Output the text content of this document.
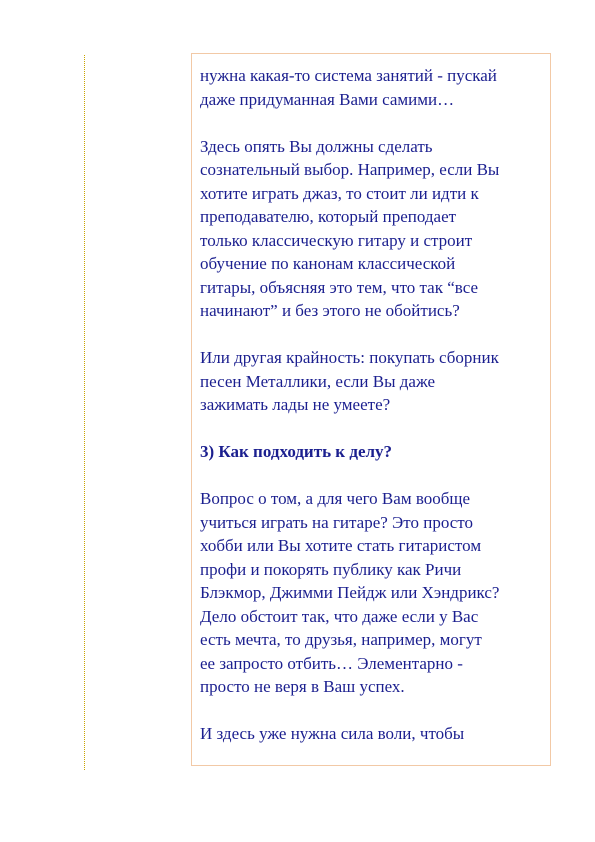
нужна какая-то система занятий - пускай
даже придуманная Вами самими…

Здесь опять Вы должны сделать
сознательный выбор. Например, если Вы
хотите играть джаз, то стоит ли идти к
преподавателю, который преподает
только классическую гитару и строит
обучение по канонам классической
гитары, объясняя это тем, что так “все
начинают” и без этого не обойтись?

Или другая крайность: покупать сборник
песен Металлики, если Вы даже
зажимать лады не умеете?

3) Как подходить к делу?

Вопрос о том, а для чего Вам вообще
учиться играть на гитаре? Это просто
хобби или Вы хотите стать гитаристом
профи и покорять публику как Ричи
Блэкмор, Джимми Пейдж или Хэндрикс?
Дело обстоит так, что даже если у Вас
есть мечта, то друзья, например, могут
ее запросто отбить… Элементарно -
просто не веря в Ваш успех.

И здесь уже нужна сила воли, чтобы
